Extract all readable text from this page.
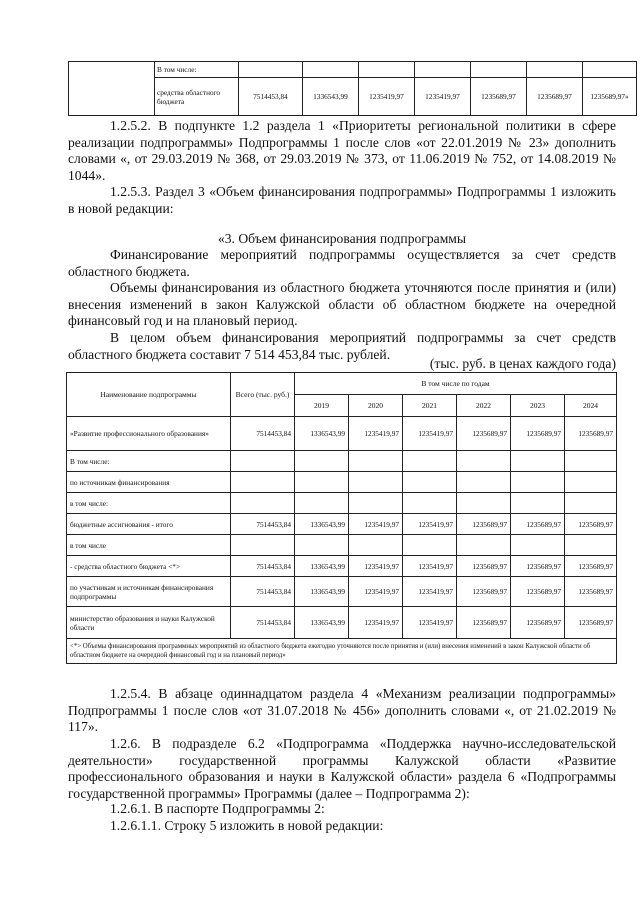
	В том числе:							
	средства областного бюджета	7514453,84	1336543,99	1235419,97	1235419,97	1235689,97	1235689,97	1235689,97»

1.2.5.2. В подпункте 1.2 раздела 1 «Приоритеты региональной политики в сфере реализации подпрограммы» Подпрограммы 1 после слов «от 22.01.2019 № 23» дополнить словами «, от 29.03.2019 № 368, от 29.03.2019 № 373, от 11.06.2019 № 752, от 14.08.2019 № 1044».

1.2.5.3. Раздел 3 «Объем финансирования подпрограммы» Подпрограммы 1 изложить в новой редакции:

«3. Объем финансирования подпрограммы

Финансирование мероприятий подпрограммы осуществляется за счет средств областного бюджета.

Объемы финансирования из областного бюджета уточняются после принятия и (или) внесения изменений в закон Калужской области об областном бюджете на очередной финансовый год и на плановый период.

В целом объем финансирования мероприятий подпрограммы за счет средств областного бюджета составит 7 514 453,84 тыс. рублей.

(тыс. руб. в ценах каждого года)
Наименование подпрограммы	Всего (тыс. руб.)	В том числе по годам					
		2019	2020	2021	2022	2023	2024
«Развитие профессионального образования»	7514453,84	1336543,99	1235419,97	1235419,97	1235689,97	1235689,97	1235689,97
В том числе:							
по источникам финансирования							
в том числе:							
бюджетные ассигнования - итого	7514453,84	1336543,99	1235419,97	1235419,97	1235689,97	1235689,97	1235689,97
в том числе							
- средства областного бюджета <*>	7514453,84	1336543,99	1235419,97	1235419,97	1235689,97	1235689,97	1235689,97
по участникам и источникам финансирования подпрограммы	7514453,84	1336543,99	1235419,97	1235419,97	1235689,97	1235689,97	1235689,97
министерство образования и науки Калужской области	7514453,84	1336543,99	1235419,97	1235419,97	1235689,97	1235689,97	1235689,97
<*> Объемы финансирования программных мероприятий из областного бюджета ежегодно уточняются после принятия и (или) внесения изменений в закон Калужской области об областном бюджете на очередной финансовый год и на плановый период»							

1.2.5.4. В абзаце одиннадцатом раздела 4 «Механизм реализации подпрограммы» Подпрограммы 1 после слов «от 31.07.2018 № 456» дополнить словами «, от 21.02.2019 № 117».

1.2.6. В подразделе 6.2 «Подпрограмма «Поддержка научно-исследовательской деятельности» государственной программы Калужской области «Развитие профессионального образования и науки в Калужской области» раздела 6 «Подпрограммы государственной программы» Программы (далее – Подпрограмма 2):

1.2.6.1. В паспорте Подпрограммы 2:

1.2.6.1.1. Строку 5 изложить в новой редакции:
